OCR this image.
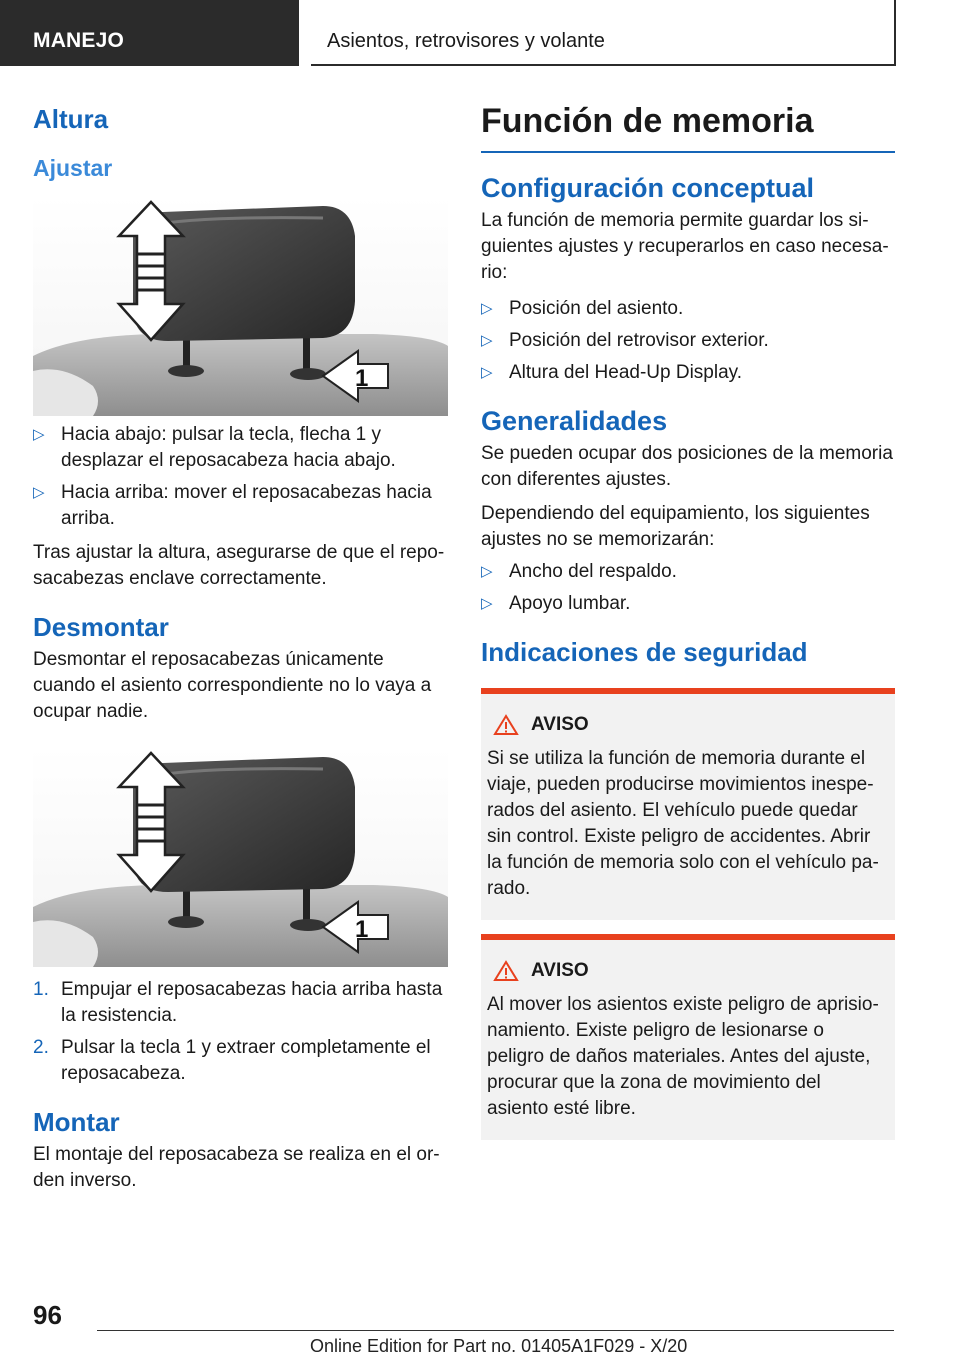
MANEJO	Asientos, retrovisores y volante
Altura
Ajustar
1
▷ Hacia abajo: pulsar la tecla, flecha 1 y desplazar el reposacabeza hacia abajo.
▷ Hacia arriba: mover el reposacabezas hacia arriba.

Tras ajustar la altura, asegurarse de que el reposacabezas enclave correctamente.

Desmontar

Desmontar el reposacabezas únicamente cuando el asiento correspondiente no lo vaya a ocupar nadie.

1
1. Empujar el reposacabezas hacia arriba hasta la resistencia.
2. Pulsar la tecla 1 y extraer completamente el reposacabeza.
Montar

El montaje del reposacabeza se realiza en el orden inverso.

Función de memoria
Configuración conceptual

La función de memoria permite guardar los siguientes ajustes y recuperarlos en caso necesario:

▷ Posición del asiento.
▷ Posición del retrovisor exterior.
▷ Altura del Head-Up Display.
Generalidades

Se pueden ocupar dos posiciones de la memoria con diferentes ajustes.

Dependiendo del equipamiento, los siguientes ajustes no se memorizarán:

▷ Ancho del respaldo.
▷ Apoyo lumbar.
Indicaciones de seguridad
AVISO

Si se utiliza la función de memoria durante el viaje, pueden producirse movimientos inesperados del asiento. El vehículo puede quedar sin control. Existe peligro de accidentes. Abrir la función de memoria solo con el vehículo parado.

AVISO

Al mover los asientos existe peligro de aprisionamiento. Existe peligro de lesionarse o peligro de daños materiales. Antes del ajuste, procurar que la zona de movimiento del asiento esté libre.

96
Online Edition for Part no. 01405A1F029 - X/20
